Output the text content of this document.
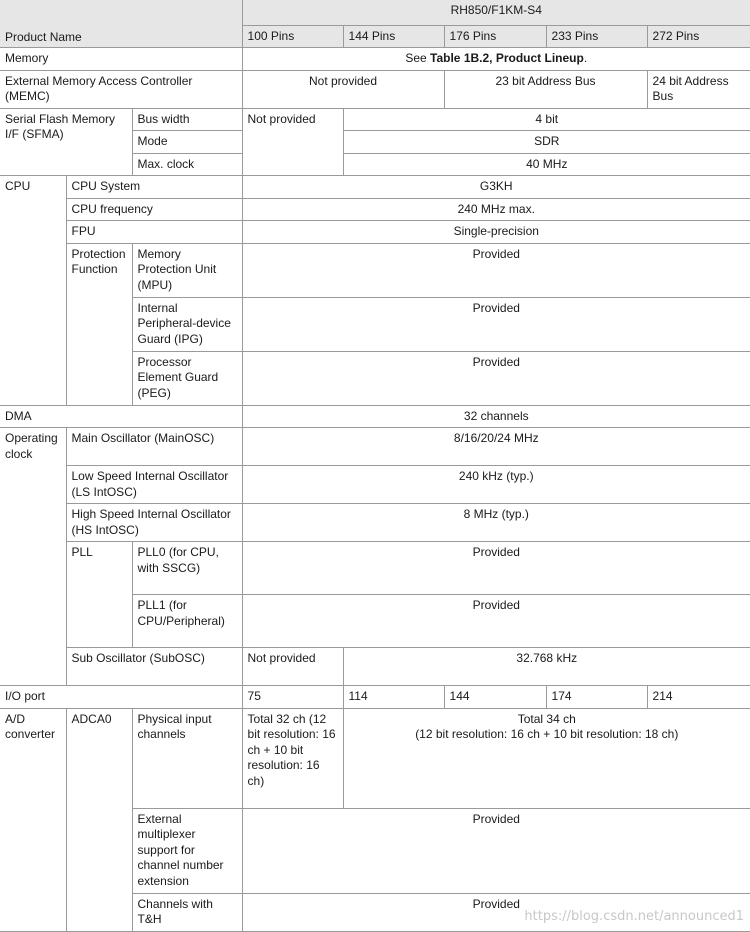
Product Name			RH850/F1KM-S4				
			100 Pins	144 Pins	176 Pins	233 Pins	272 Pins
Memory			See Table 1B.2, Product Lineup.				
External Memory Access Controller (MEMC)			Not provided		23 bit Address Bus		24 bit Address Bus
Serial Flash Memory I/F (SFMA)		Bus width	Not provided	4 bit			
		Mode		SDR			
		Max. clock		40 MHz			
CPU	CPU System		G3KH				
	CPU frequency		240 MHz max.				
	FPU		Single-precision				
	Protection Function	Memory Protection Unit (MPU)	Provided				
		Internal Peripheral-device Guard (IPG)	Provided				
		Processor Element Guard (PEG)	Provided				
DMA			32 channels				
Operating clock	Main Oscillator (MainOSC)		8/16/20/24 MHz				
	Low Speed Internal Oscillator (LS IntOSC)		240 kHz (typ.)				
	High Speed Internal Oscillator (HS IntOSC)		8 MHz (typ.)				
	PLL	PLL0 (for CPU, with SSCG)	Provided				
		PLL1 (for CPU/Peripheral)	Provided				
	Sub Oscillator (SubOSC)		Not provided	32.768 kHz			
I/O port			75	114	144	174	214
A/D converter	ADCA0	Physical input channels	Total 32 ch (12 bit resolution: 16 ch + 10 bit resolution: 16 ch)	Total 34 ch
(12 bit resolution: 16 ch + 10 bit resolution: 18 ch)			
		External multiplexer support for channel number extension	Provided				
		Channels with T&H	Provided				
https://blog.csdn.net/announced1
